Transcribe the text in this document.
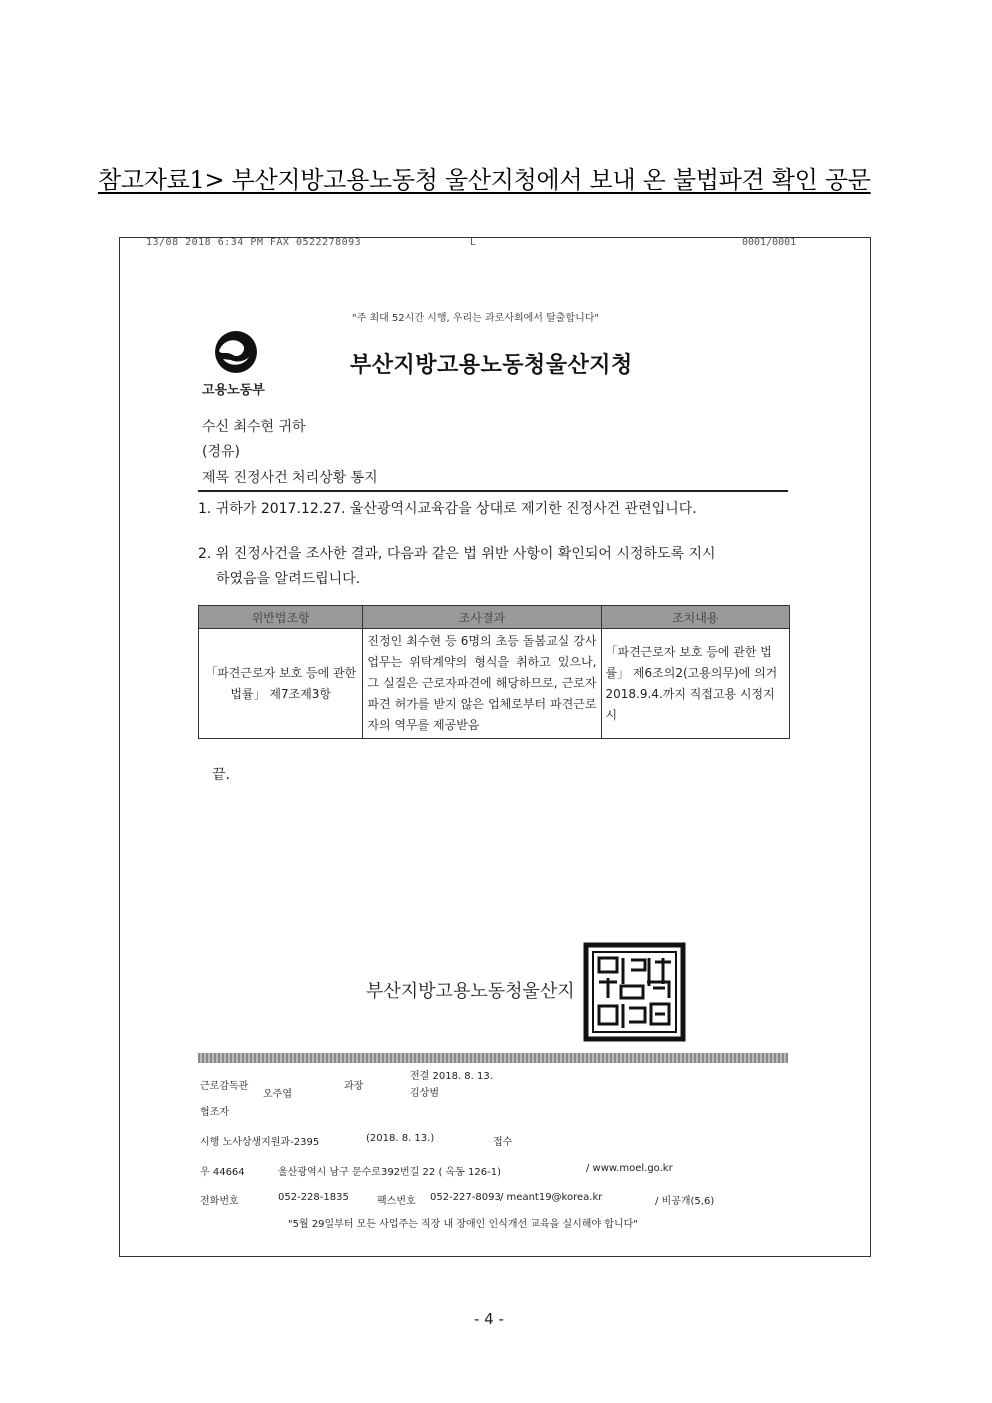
참고자료1> 부산지방고용노동청 울산지청에서 보내 온 불법파견 확인 공문
13/08 2018 6:34 PM FAX 0522278093	L	0001/0001
"주 최대 52시간 시행, 우리는 과로사회에서 탈출합니다"
고용노동부
부산지방고용노동청울산지청
수신 최수현 귀하
(경유)
제목 진정사건 처리상황 통지
1. 귀하가 2017.12.27. 울산광역시교육감을 상대로 제기한 진정사건 관련입니다.
2. 위 진정사건을 조사한 결과, 다음과 같은 법 위반 사항이 확인되어 시정하도록 지시
하였음을 알려드립니다.
위반법조항	조사결과	조치내용
「파견근로자 보호 등에 관한 법률」 제7조제3항	진정인 최수현 등 6명의 초등 돌봄교실 강사 업무는 위탁계약의 형식을 취하고 있으나, 그 실질은 근로자파견에 해당하므로, 근로자파견 허가를 받지 않은 업체로부터 파견근로자의 역무를 제공받음	「파견근로자 보호 등에 관한 법률」 제6조의2(고용의무)에 의거 2018.9.4.까지 직접고용 시정지시
끝.
부산지방고용노동청울산지
근로감독관
오주엽
과장
전결 2018. 8. 13.
김상범
협조자
시행 노사상생지원과-2395	(2018. 8. 13.)	접수
우 44664	울산광역시 남구 문수로392번길 22 ( 옥동 126-1)	/ www.moel.go.kr
전화번호	052-228-1835	팩스번호 052-227-8093 / meant19@korea.kr	/ 비공개(5,6)
"5월 29일부터 모든 사업주는 직장 내 장애인 인식개선 교육을 실시해야 합니다"
- 4 -
